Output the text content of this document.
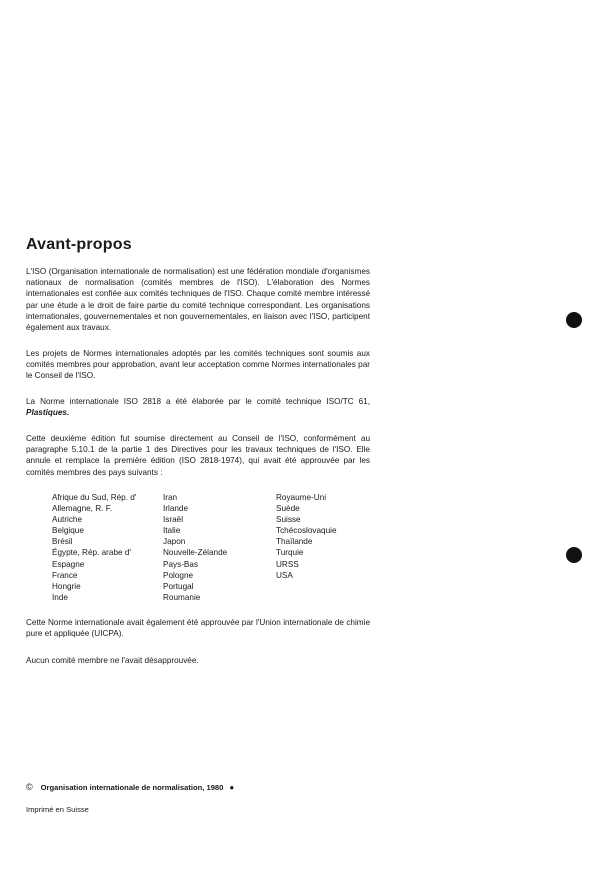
Avant-propos

L'ISO (Organisation internationale de normalisation) est une fédération mondiale d'organismes nationaux de normalisation (comités membres de l'ISO). L'élaboration des Normes internationales est confiée aux comités techniques de l'ISO. Chaque comité membre intéressé par une étude a le droit de faire partie du comité technique correspondant. Les organisations internationales, gouvernementales et non gouvernementales, en liaison avec l'ISO, participent également aux travaux.

Les projets de Normes internationales adoptés par les comités techniques sont soumis aux comités membres pour approbation, avant leur acceptation comme Normes internationales par le Conseil de l'ISO.

La Norme internationale ISO 2818 a été élaborée par le comité technique ISO/TC 61, Plastiques.

Cette deuxième édition fut soumise directement au Conseil de l'ISO, conformément au paragraphe 5.10.1 de la partie 1 des Directives pour les travaux techniques de l'ISO. Elle annule et remplace la première édition (ISO 2818-1974), qui avait été approuvée par les comités membres des pays suivants :

Afrique du Sud, Rép. d'
Allemagne, R. F.
Autriche
Belgique
Brésil
Égypte, Rép. arabe d'
Espagne
France
Hongrie
Inde
Iran
Irlande
Israël
Italie
Japon
Nouvelle-Zélande
Pays-Bas
Pologne
Portugal
Roumanie
Royaume-Uni
Suède
Suisse
Tchécoslovaquie
Thaïlande
Turquie
URSS
USA

Cette Norme internationale avait également été approuvée par l'Union internationale de chimie pure et appliquée (UICPA).

Aucun comité membre ne l'avait désapprouvée.

© Organisation internationale de normalisation, 1980 ●
Imprimé en Suisse
